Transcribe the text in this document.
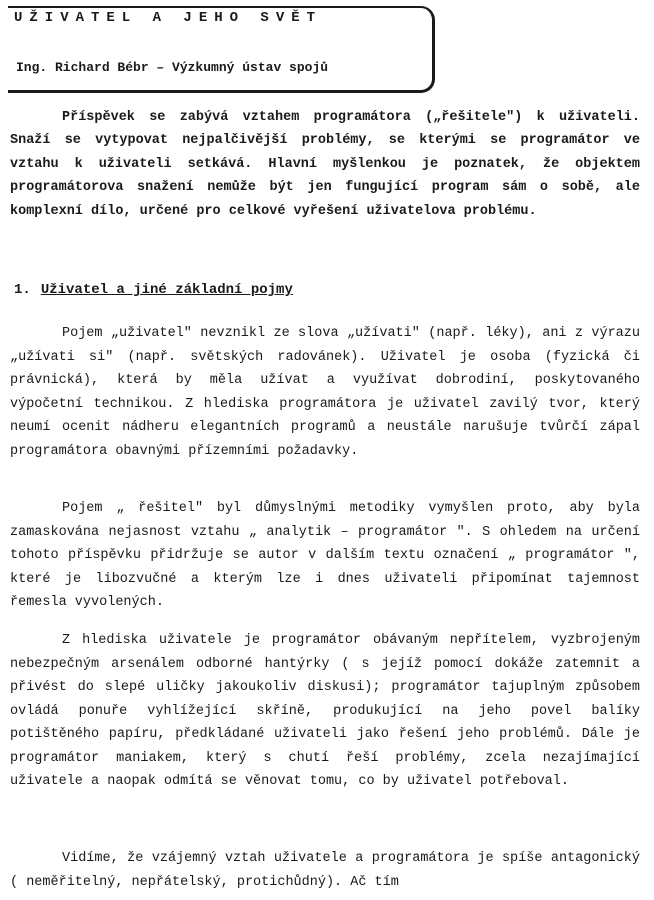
UŽIVATEL A JEHO SVĚT
Ing. Richard Bébr – Výzkumný ústav spojů

Příspěvek se zabývá vztahem programátora („řešitele") k uživateli. Snaží se vytypovat nejpalčivější problémy, se kterými se programátor ve vztahu k uživateli setkává. Hlavní myšlenkou je poznatek, že objektem programátorova snažení nemůže být jen fungující program sám o sobě, ale komplexní dílo, určené pro celkové vyřešení uživatelova problému.

1. Uživatel a jiné základní pojmy

Pojem „uživatel" nevznikl ze slova „užívati" (např. léky), ani z výrazu „užívati si" (např. světských radovánek). Uživatel je osoba (fyzická či právnická), která by měla užívat a využívat dobrodiní, poskytovaného výpočetní technikou. Z hlediska programátora je uživatel zavilý tvor, který neumí ocenit nádheru elegantních programů a neustále narušuje tvůrčí zápal programátora obavnými přízemními požadavky.

Pojem „ řešitel" byl důmyslnými metodiky vymyšlen proto, aby byla zamaskována nejasnost vztahu „ analytik – programátor ". S ohledem na určení tohoto příspěvku přidržuje se autor v dalším textu označení „ programátor ", které je libozvučné a kterým lze i dnes uživateli připomínat tajemnost řemesla vyvolených.

Z hlediska uživatele je programátor obávaným nepřítelem, vyzbrojeným nebezpečným arsenálem odborné hantýrky ( s jejíž pomocí dokáže zatemnit a přivést do slepé uličky jakoukoliv diskusi); programátor tajuplným způsobem ovládá ponuře vyhlížející skříně, produkující na jeho povel balíky potištěného papíru, předkládané uživateli jako řešení jeho problémů. Dále je programátor maniakem, který s chutí řeší problémy, zcela nezajímající uživatele a naopak odmítá se věnovat tomu, co by uživatel potřeboval.

Vidíme, že vzájemný vztah uživatele a programátora je spíše antagonický ( neměřitelný, nepřátelský, protichůdný). Ač tím
